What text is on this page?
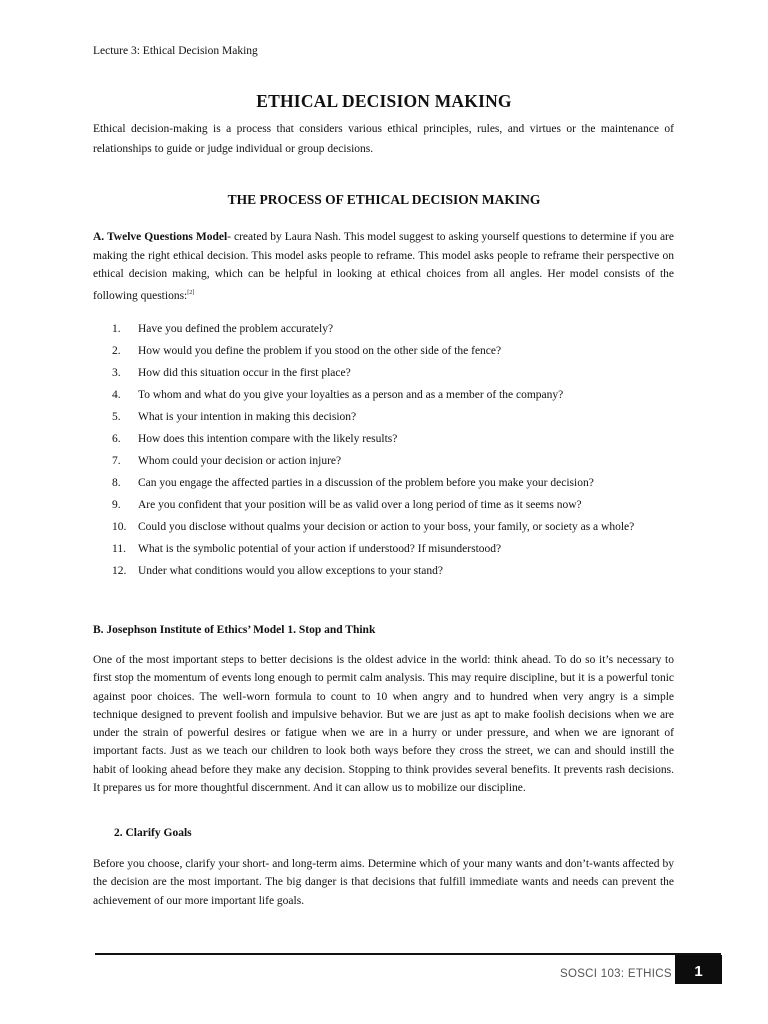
Lecture 3: Ethical Decision Making
ETHICAL DECISION MAKING
Ethical decision-making is a process that considers various ethical principles, rules, and virtues or the maintenance of relationships to guide or judge individual or group decisions.
THE PROCESS OF ETHICAL DECISION MAKING
A. Twelve Questions Model- created by Laura Nash. This model suggest to asking yourself questions to determine if you are making the right ethical decision. This model asks people to reframe. This model asks people to reframe their perspective on ethical decision making, which can be helpful in looking at ethical choices from all angles. Her model consists of the following questions:[2]
1.	Have you defined the problem accurately?
2.	How would you define the problem if you stood on the other side of the fence?
3.	How did this situation occur in the first place?
4.	To whom and what do you give your loyalties as a person and as a member of the company?
5.	What is your intention in making this decision?
6.	How does this intention compare with the likely results?
7.	Whom could your decision or action injure?
8.	Can you engage the affected parties in a discussion of the problem before you make your decision?
9.	Are you confident that your position will be as valid over a long period of time as it seems now?
10.	Could you disclose without qualms your decision or action to your boss, your family, or society as a whole?
11.	What is the symbolic potential of your action if understood? If misunderstood?
12.	Under what conditions would you allow exceptions to your stand?
B. Josephson Institute of Ethics’ Model 1. Stop and Think
One of the most important steps to better decisions is the oldest advice in the world: think ahead. To do so it’s necessary to first stop the momentum of events long enough to permit calm analysis. This may require discipline, but it is a powerful tonic against poor choices. The well-worn formula to count to 10 when angry and to hundred when very angry is a simple technique designed to prevent foolish and impulsive behavior. But we are just as apt to make foolish decisions when we are under the strain of powerful desires or fatigue when we are in a hurry or under pressure, and when we are ignorant of important facts. Just as we teach our children to look both ways before they cross the street, we can and should instill the habit of looking ahead before they make any decision. Stopping to think provides several benefits. It prevents rash decisions. It prepares us for more thoughtful discernment. And it can allow us to mobilize our discipline.
2. Clarify Goals
Before you choose, clarify your short- and long-term aims. Determine which of your many wants and don’t-wants affected by the decision are the most important. The big danger is that decisions that fulfill immediate wants and needs can prevent the achievement of our more important life goals.
SOSCI 103: ETHICS	1
